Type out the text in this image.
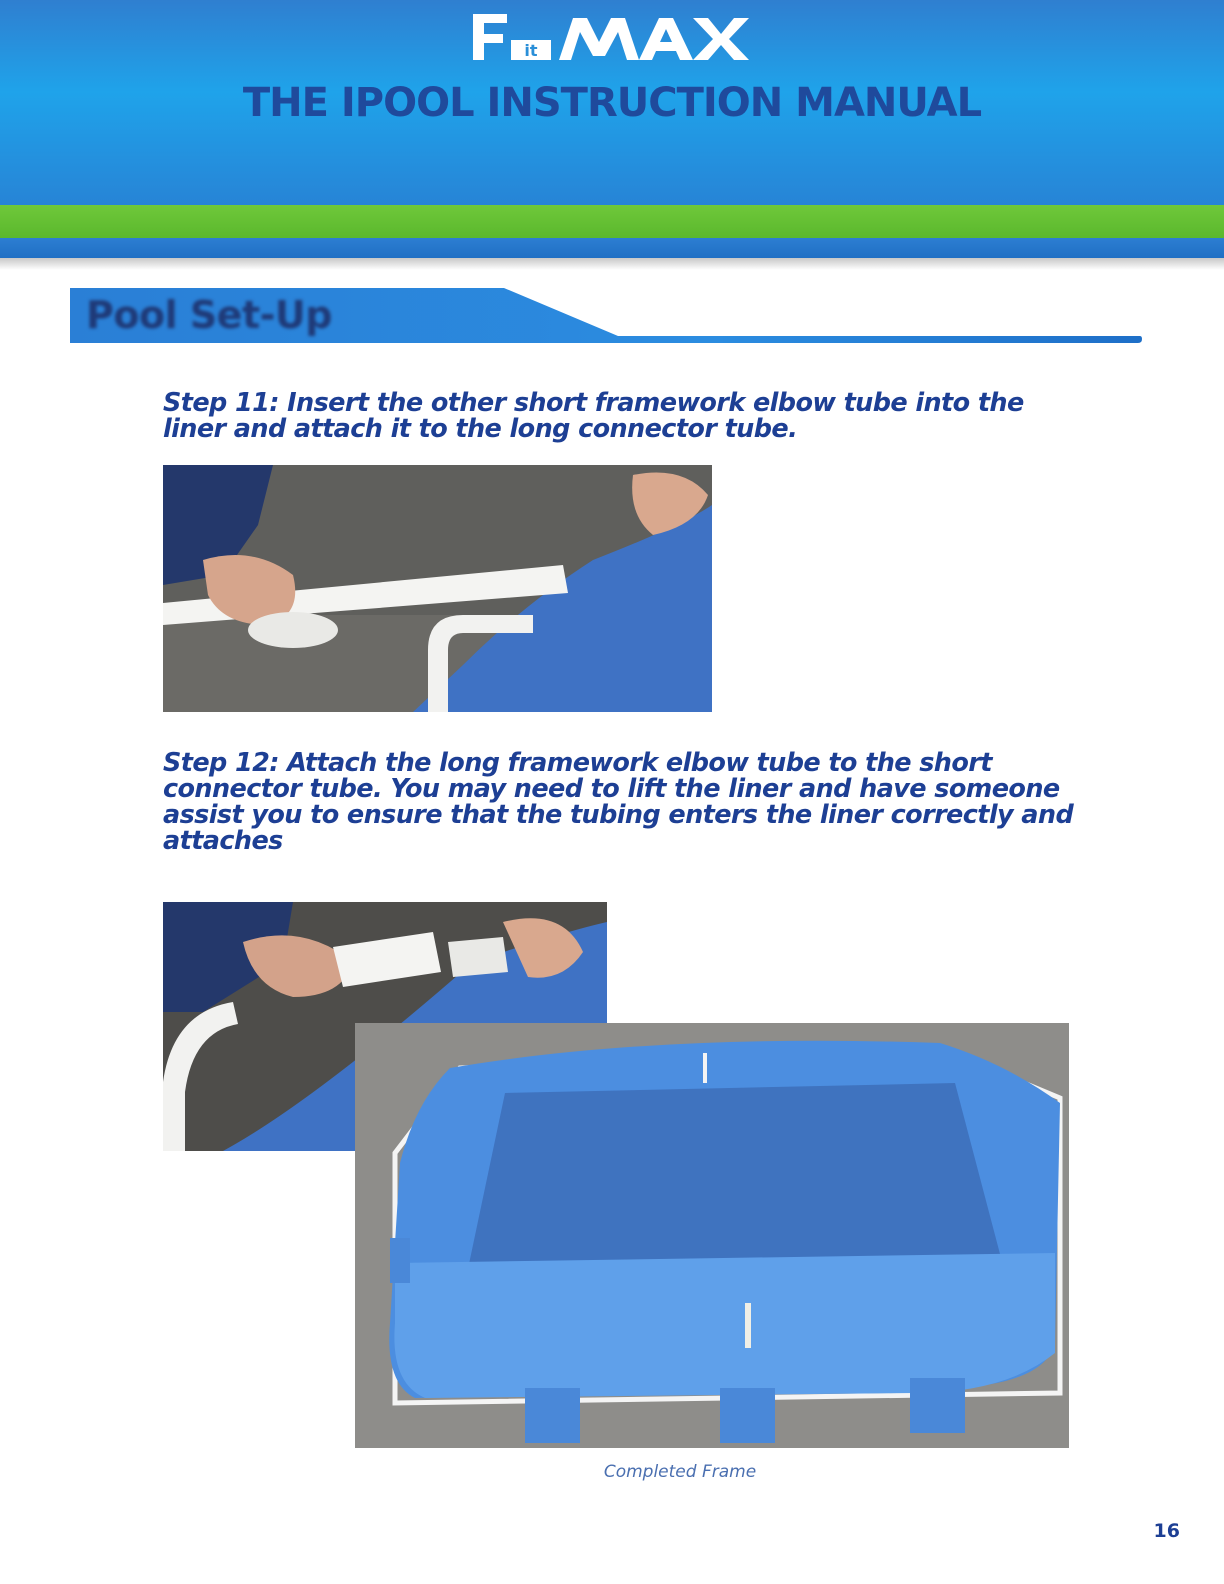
it
THE IPOOL INSTRUCTION MANUAL
Pool Set-Up

Step 11: Insert the other short framework elbow tube into the liner and attach it to the long connector tube.

Step 12: Attach the long framework elbow tube to the short connector tube. You may need to lift the liner and have someone assist you to ensure that the tubing enters the liner correctly and attaches

Completed Frame
16
